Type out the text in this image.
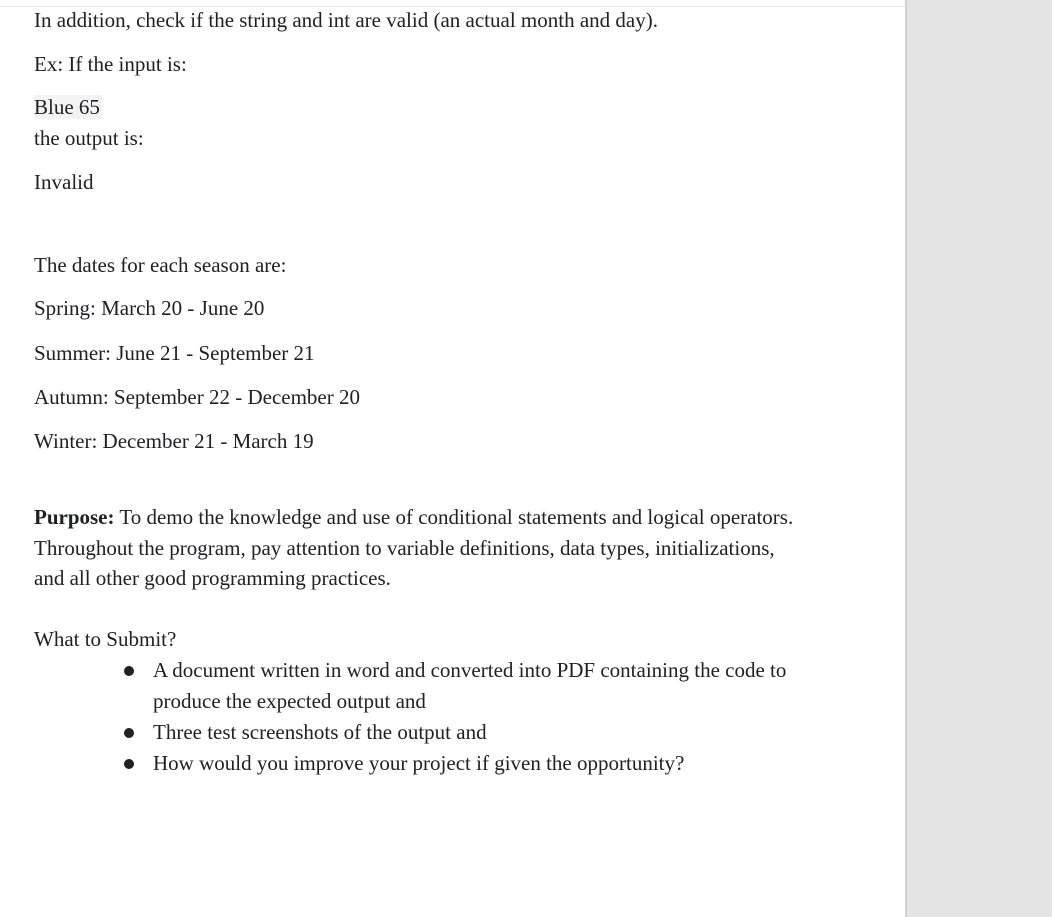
In addition, check if the string and int are valid (an actual month and day).
Ex: If the input is:
Blue 65
the output is:
Invalid
The dates for each season are:
Spring: March 20 - June 20
Summer: June 21 - September 21
Autumn: September 22 - December 20
Winter: December 21 - March 19
Purpose: To demo the knowledge and use of conditional statements and logical operators. Throughout the program, pay attention to variable definitions, data types, initializations, and all other good programming practices.
What to Submit?
A document written in word and converted into PDF containing the code to produce the expected output and
Three test screenshots of the output and
How would you improve your project if given the opportunity?
